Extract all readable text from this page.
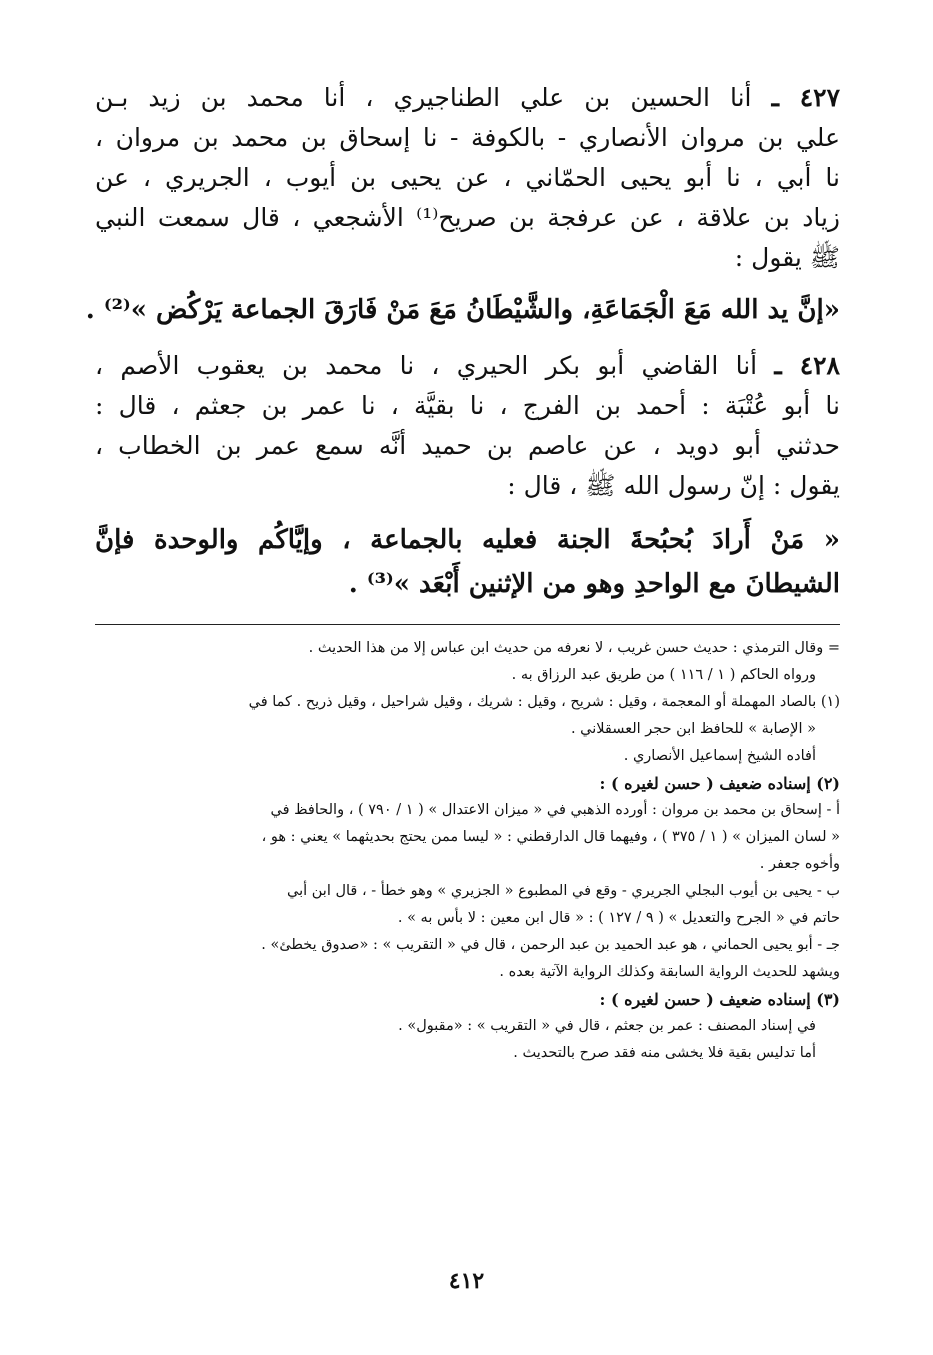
٤٢٧ ـ أنا الحسين بن علي الطناجيري ، أنا محمد بن زيد بـن
علي بن مروان الأنصاري - بالكوفة - نا إسحاق بن محمد بن مروان ،
نا أبي ، نا أبو يحيى الحمّاني ، عن يحيى بن أيوب ، الجريري ، عن
زياد بن علاقة ، عن عرفجة بن صريح⁽¹⁾ الأشجعي ، قال سمعت النبي
ﷺ يقول :
«إنَّ يد الله مَعَ الْجَمَاعَةِ، والشَّيْطَانُ مَعَ مَنْ فَارَقَ الجماعة يَرْكُض »⁽²⁾ .
٤٢٨ ـ أنا القاضي أبو بكر الحيري ، نا محمد بن يعقوب الأصم ،
نا أبو عُتْبَة : أحمد بن الفرج ، نا بقيَّة ، نا عمر بن جعثم ، قال :
حدثني أبو دويد ، عن عاصم بن حميد أنَّه سمع عمر بن الخطاب ،
يقول : إنّ رسول الله ﷺ ، قال :
« مَنْ أَرادَ بُحبُحةَ الجنة فعليه بالجماعة ، وإيَّاكُم والوحدة فإنَّ
الشيطانَ مع الواحدِ وهو من الإثنين أَبْعَد »⁽³⁾ .
= وقال الترمذي : حديث حسن غريب ، لا نعرفه من حديث ابن عباس إلا من هذا الحديث .
ورواه الحاكم ( ١ / ١١٦ ) من طريق عبد الرزاق به .
(١) بالصاد المهملة أو المعجمة ، وقيل : شريح ، وقيل : شريك ، وقيل شراحيل ، وقيل ذريح . كما في
« الإصابة » للحافظ ابن حجر العسقلاني .
أفاده الشيخ إسماعيل الأنصاري .
(٢) إسناده ضعيف ( حسن لغيره ) :
أ - إسحاق بن محمد بن مروان : أورده الذهبي في « ميزان الاعتدال » ( ١ / ٧٩٠ ) ، والحافظ في
« لسان الميزان » ( ١ / ٣٧٥ ) ، وفيهما قال الدارقطني : « ليسا ممن يحتج بحديثهما » يعني : هو ،
وأخوه جعفر .
ب - يحيى بن أيوب البجلي الجريري - وقع في المطبوع « الجزيري » وهو خطأ - ، قال ابن أبي
حاتم في « الجرح والتعديل » ( ٩ / ١٢٧ ) : « قال ابن معين : لا بأس به » .
جـ - أبو يحيى الحماني ، هو عبد الحميد بن عبد الرحمن ، قال في « التقريب » : «صدوق يخطئ» .
ويشهد للحديث الرواية السابقة وكذلك الرواية الآتية بعده .
(٣) إسناده ضعيف ( حسن لغيره ) :
في إسناد المصنف : عمر بن جعثم ، قال في « التقريب » : «مقبول» .
أما تدليس بقية فلا يخشى منه فقد صرح بالتحديث .
٤١٢
